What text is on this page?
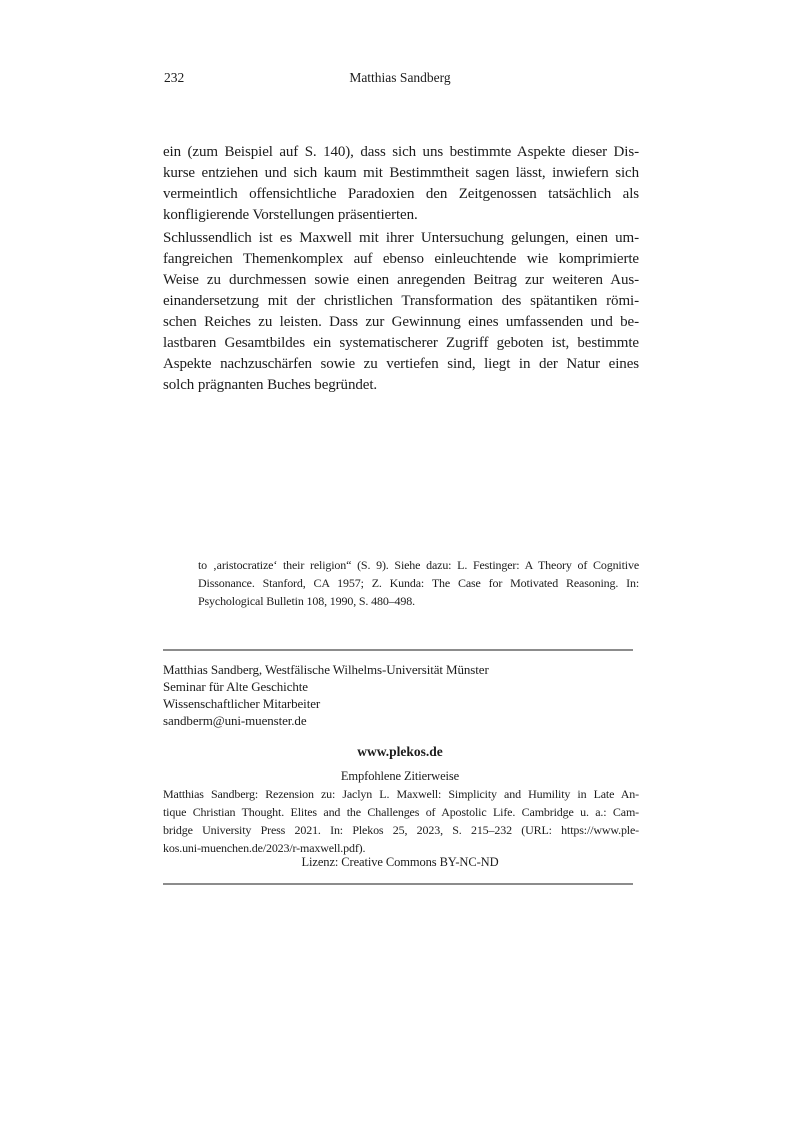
232	Matthias Sandberg
ein (zum Beispiel auf S. 140), dass sich uns bestimmte Aspekte dieser Dis-
kurse entziehen und sich kaum mit Bestimmtheit sagen lässt, inwiefern sich
vermeintlich offensichtliche Paradoxien den Zeitgenossen tatsächlich als
konfligierende Vorstellungen präsentierten.
Schlussendlich ist es Maxwell mit ihrer Untersuchung gelungen, einen um-
fangreichen Themenkomplex auf ebenso einleuchtende wie komprimierte
Weise zu durchmessen sowie einen anregenden Beitrag zur weiteren Aus-
einandersetzung mit der christlichen Transformation des spätantiken römi-
schen Reiches zu leisten. Dass zur Gewinnung eines umfassenden und be-
lastbaren Gesamtbildes ein systematischerer Zugriff geboten ist, bestimmte
Aspekte nachzuschärfen sowie zu vertiefen sind, liegt in der Natur eines
solch prägnanten Buches begründet.
to ‚aristocratize‘ their religion“ (S. 9). Siehe dazu: L. Festinger: A Theory of Cognitive
Dissonance. Stanford, CA 1957; Z. Kunda: The Case for Motivated Reasoning. In:
Psychological Bulletin 108, 1990, S. 480–498.
Matthias Sandberg, Westfälische Wilhelms-Universität Münster
Seminar für Alte Geschichte
Wissenschaftlicher Mitarbeiter
sandberm@uni-muenster.de
www.plekos.de
Empfohlene Zitierweise
Matthias Sandberg: Rezension zu: Jaclyn L. Maxwell: Simplicity and Humility in Late An-
tique Christian Thought. Elites and the Challenges of Apostolic Life. Cambridge u. a.: Cam-
bridge University Press 2021. In: Plekos 25, 2023, S. 215–232 (URL: https://www.ple-
kos.uni-muenchen.de/2023/r-maxwell.pdf).
Lizenz: Creative Commons BY-NC-ND
